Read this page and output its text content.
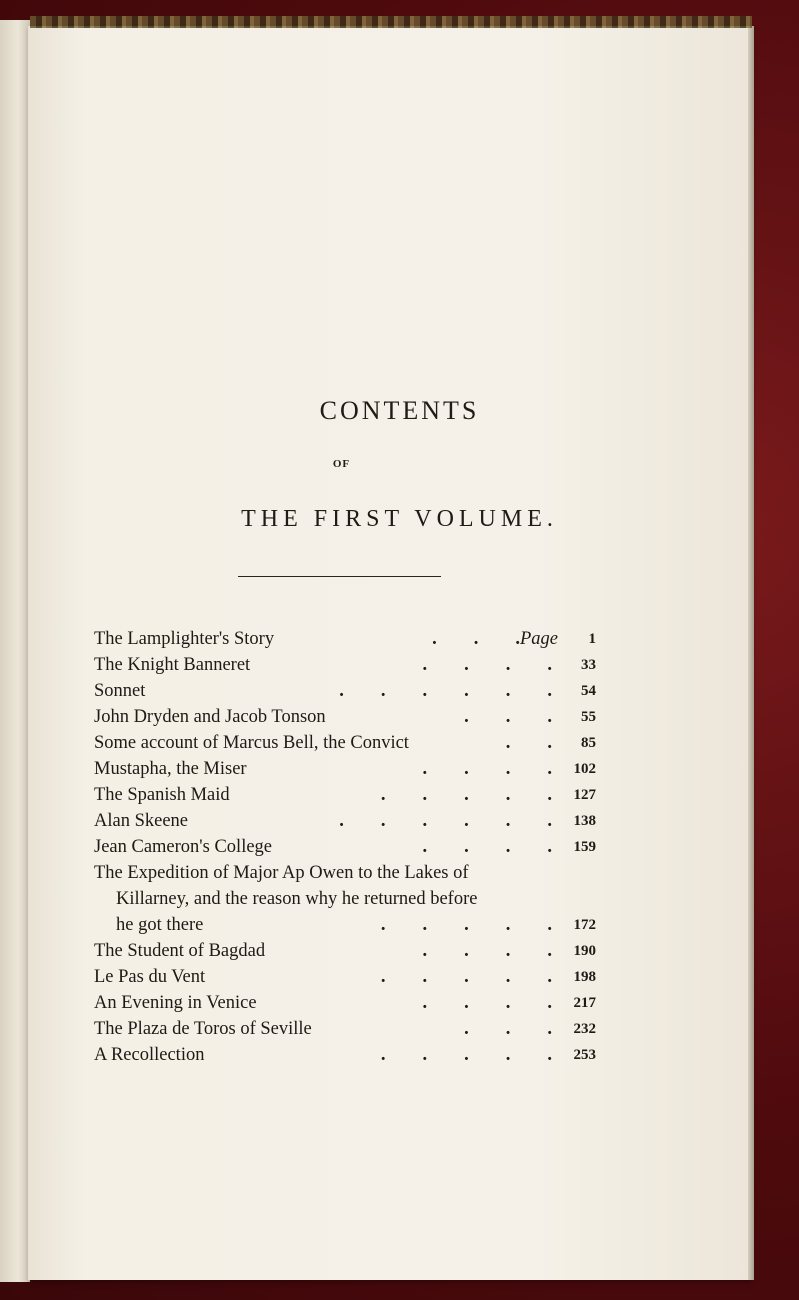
CONTENTS
OF
THE FIRST VOLUME.
The Lamplighter's Story	.        .        . Page 1
The Knight Banneret	.        .        .        . 33
Sonnet	.        .        .        .        .        . 54
John Dryden and Jacob Tonson	.        .        . 55
Some account of Marcus Bell, the Convict	.        . 85
Mustapha, the Miser	.        .        .        . 102
The Spanish Maid	.        .        .        .        . 127
Alan Skeene	.        .        .        .        .        . 138
Jean Cameron's College	.        .        .        . 159
The Expedition of Major Ap Owen to the Lakes of
Killarney, and the reason why he returned before
he got there	.        .        .        .        . 172
The Student of Bagdad	.        .        .        . 190
Le Pas du Vent	.        .        .        .        . 198
An Evening in Venice	.        .        .        . 217
The Plaza de Toros of Seville	.        .        . 232
A Recollection	.        .        .        .        . 253
